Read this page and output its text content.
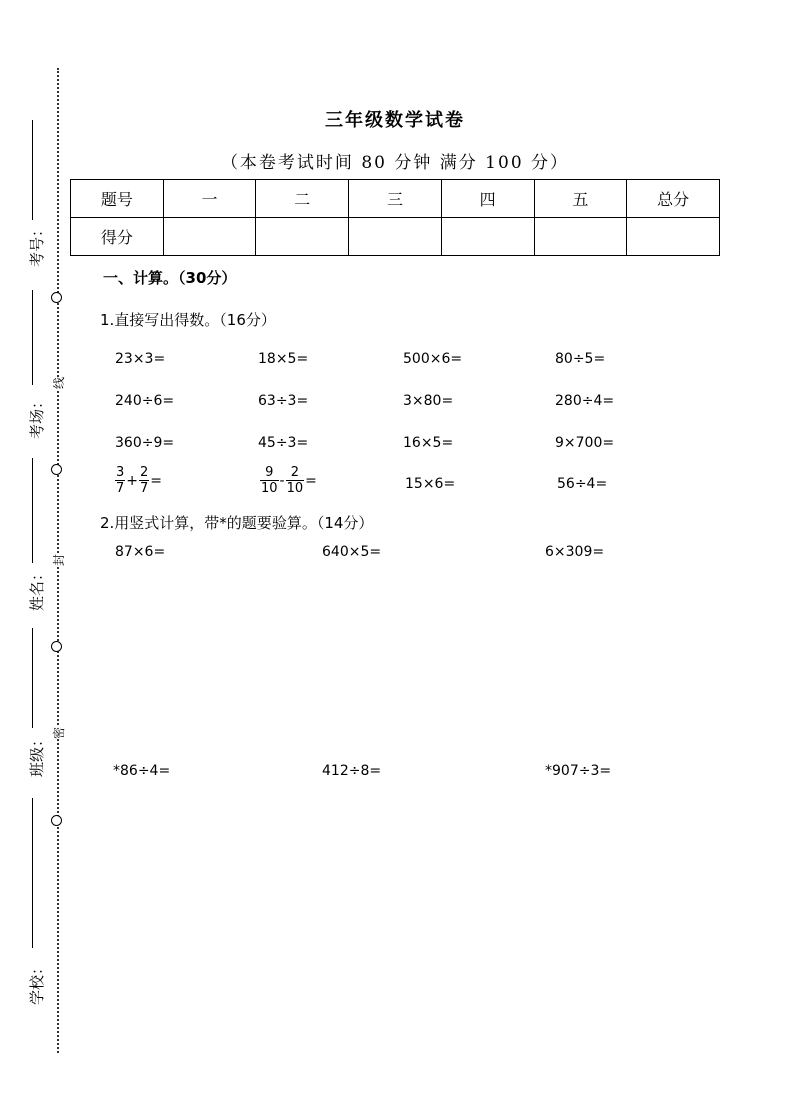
线
封
密
考号：
考场：
姓名：
班级：
学校：
三年级数学试卷
（本卷考试时间 80 分钟 满分 100 分）
题号	一	二	三	四	五	总分
得分						
一、计算。（30分）
1.直接写出得数。（16分）
23×3=	18×5=	500×6=	80÷5=
240÷6=	63÷3=	3×80=	280÷4=
360÷9=	45÷3=	16×5=	9×700=
$\frac{3}{7} + \frac{2}{7}$ =	$\frac{9}{10} - \frac{2}{10}$ =	15×6=	56÷4=
2.用竖式计算，带*的题要验算。（14分）
87×6=	640×5=	6×309=
*86÷4=	412÷8=	*907÷3=
